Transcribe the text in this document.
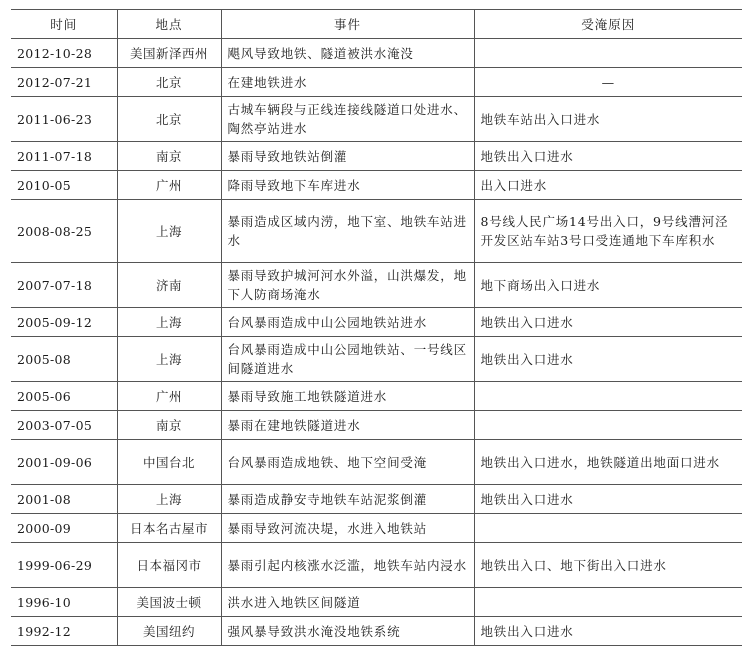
时间	地点	事件	受淹原因
2012-10-28	美国新泽西州	飓风导致地铁、隧道被洪水淹没	
2012-07-21	北京	在建地铁进水	—
2011-06-23	北京	古城车辆段与正线连接线隧道口处进水、陶然亭站进水	地铁车站出入口进水
2011-07-18	南京	暴雨导致地铁站倒灌	地铁出入口进水
2010-05	广州	降雨导致地下车库进水	出入口进水
2008-08-25	上海	暴雨造成区域内涝，地下室、地铁车站进水	8号线人民广场14号出入口，9号线漕河泾开发区站车站3号口受连通地下车库积水
2007-07-18	济南	暴雨导致护城河河水外溢，山洪爆发，地下人防商场淹水	地下商场出入口进水
2005-09-12	上海	台风暴雨造成中山公园地铁站进水	地铁出入口进水
2005-08	上海	台风暴雨造成中山公园地铁站、一号线区间隧道进水	地铁出入口进水
2005-06	广州	暴雨导致施工地铁隧道进水	
2003-07-05	南京	暴雨在建地铁隧道进水	
2001-09-06	中国台北	台风暴雨造成地铁、地下空间受淹	地铁出入口进水，地铁隧道出地面口进水
2001-08	上海	暴雨造成静安寺地铁车站泥浆倒灌	地铁出入口进水
2000-09	日本名古屋市	暴雨导致河流决堤，水进入地铁站	
1999-06-29	日本福冈市	暴雨引起内核涨水泛滥，地铁车站内浸水	地铁出入口、地下街出入口进水
1996-10	美国波士顿	洪水进入地铁区间隧道	
1992-12	美国纽约	强风暴导致洪水淹没地铁系统	地铁出入口进水
